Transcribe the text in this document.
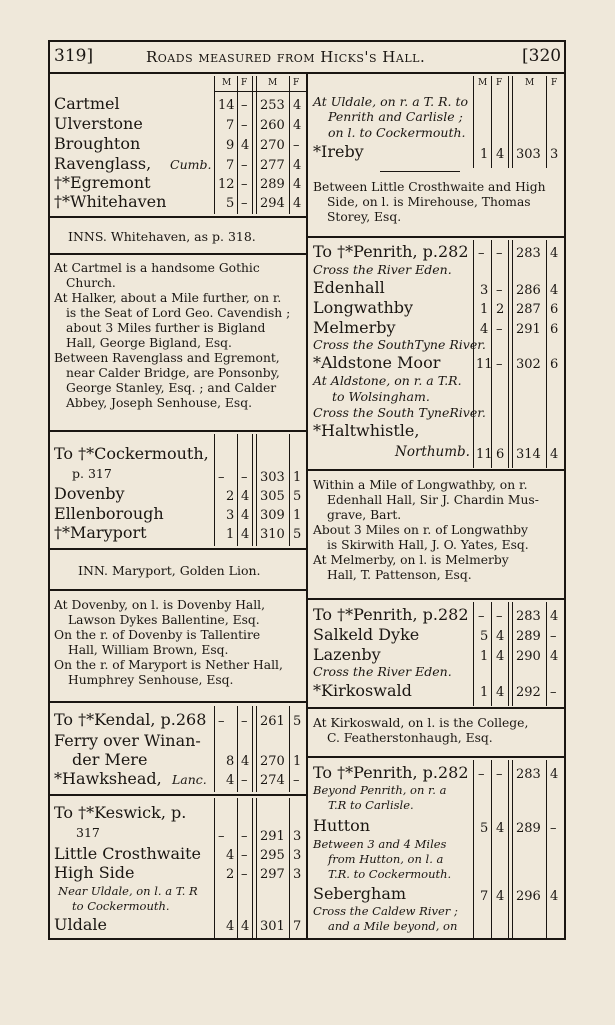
319]	Roads measured from Hicks's Hall.	[320
M F M F
Cartmel	14 – 253 4
Ulverstone	7 – 260 4
Broughton	9 4 270 –
Ravenglass, Cumb. 7 – 277 4
†*Egremont	12 – 289 4
†*Whitehaven	5 – 294 4
INNS. Whitehaven, as p. 318.
At Cartmel is a handsome Gothic
Church.
At Halker, about a Mile further, on r.
is the Seat of Lord Geo. Cavendish ;
about 3 Miles further is Bigland
Hall, George Bigland, Esq.
Between Ravenglass and Egremont,
near Calder Bridge, are Ponsonby,
George Stanley, Esq. ; and Calder
Abbey, Joseph Senhouse, Esq.
To †*Cockermouth,
p. 317	– – 303 1
Dovenby	2 4 305 5
Ellenborough	3 4 309 1
†*Maryport	1 4 310 5
INN. Maryport, Golden Lion.
At Dovenby, on l. is Dovenby Hall,
Lawson Dykes Ballentine, Esq.
On the r. of Dovenby is Tallentire
Hall, William Brown, Esq.
On the r. of Maryport is Nether Hall,
Humphrey Senhouse, Esq.
To †*Kendal, p.268 – – 261 5
Ferry over Winan-
der Mere	8 4 270 1
*Hawkshead, Lanc. 4 – 274 –
To †*Keswick, p.
317	– – 291 3
Little Crosthwaite 4 – 295 3
High Side	2 – 297 3
Near Uldale, on l. a T. R
to Cockermouth.
Uldale	4 4 301 7
M F	M F
At Uldale, on r. a T. R. to
Penrith and Carlisle ;
on l. to Cockermouth.
*Ireby	1 4 303 3
Between Little Crosthwaite and High
Side, on l. is Mirehouse, Thomas
Storey, Esq.
To †*Penrith, p.282 – – 283 4
Cross the River Eden.
Edenhall	3 – 286 4
Longwathby	1 2 287 6
Melmerby	4 – 291 6
Cross the SouthTyne River.
*Aldstone Moor	11 – 302 6
At Aldstone, on r. a T.R.
to Wolsingham.
Cross the South TyneRiver.
*Haltwhistle,
Northumb. 11 6 314 4
Within a Mile of Longwathby, on r.
Edenhall Hall, Sir J. Chardin Mus-
grave, Bart.
About 3 Miles on r. of Longwathby
is Skirwith Hall, J. O. Yates, Esq.
At Melmerby, on l. is Melmerby
Hall, T. Pattenson, Esq.
To †*Penrith, p.282 – – 283 4
Salkeld Dyke	5 4 289 –
Lazenby	1 4 290 4
Cross the River Eden.
*Kirkoswald	1 4 292 –
At Kirkoswald, on l. is the College,
C. Featherstonhaugh, Esq.
To †*Penrith, p.282 – – 283 4
Beyond Penrith, on r. a
T.R to Carlisle.
Hutton	5 4 289 –
Between 3 and 4 Miles
from Hutton, on l. a
T.R. to Cockermouth.
Sebergham	7 4 296 4
Cross the Caldew River ;
and a Mile beyond, on
